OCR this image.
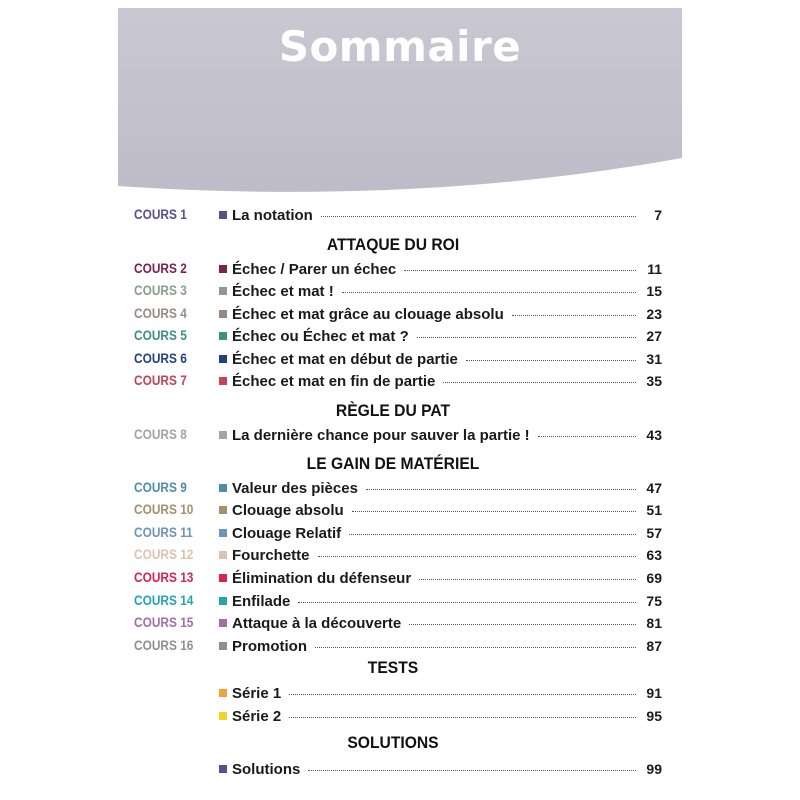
Sommaire
ATTAQUE DU ROI
RÈGLE DU PAT
LE GAIN DE MATÉRIEL
TESTS
SOLUTIONS
COURS 1	La notation	7
COURS 2	Échec / Parer un échec	11
COURS 3	Échec et mat !	15
COURS 4	Échec et mat grâce au clouage absolu	23
COURS 5	Échec ou Échec et mat ?	27
COURS 6	Échec et mat en début de partie	31
COURS 7	Échec et mat en fin de partie	35
COURS 8	La dernière chance pour sauver la partie !	43
COURS 9	Valeur des pièces	47
COURS 10	Clouage absolu	51
COURS 11	Clouage Relatif	57
COURS 12	Fourchette	63
COURS 13	Élimination du défenseur	69
COURS 14	Enfilade	75
COURS 15	Attaque à la découverte	81
COURS 16	Promotion	87
Série 1	91
Série 2	95
Solutions	99
